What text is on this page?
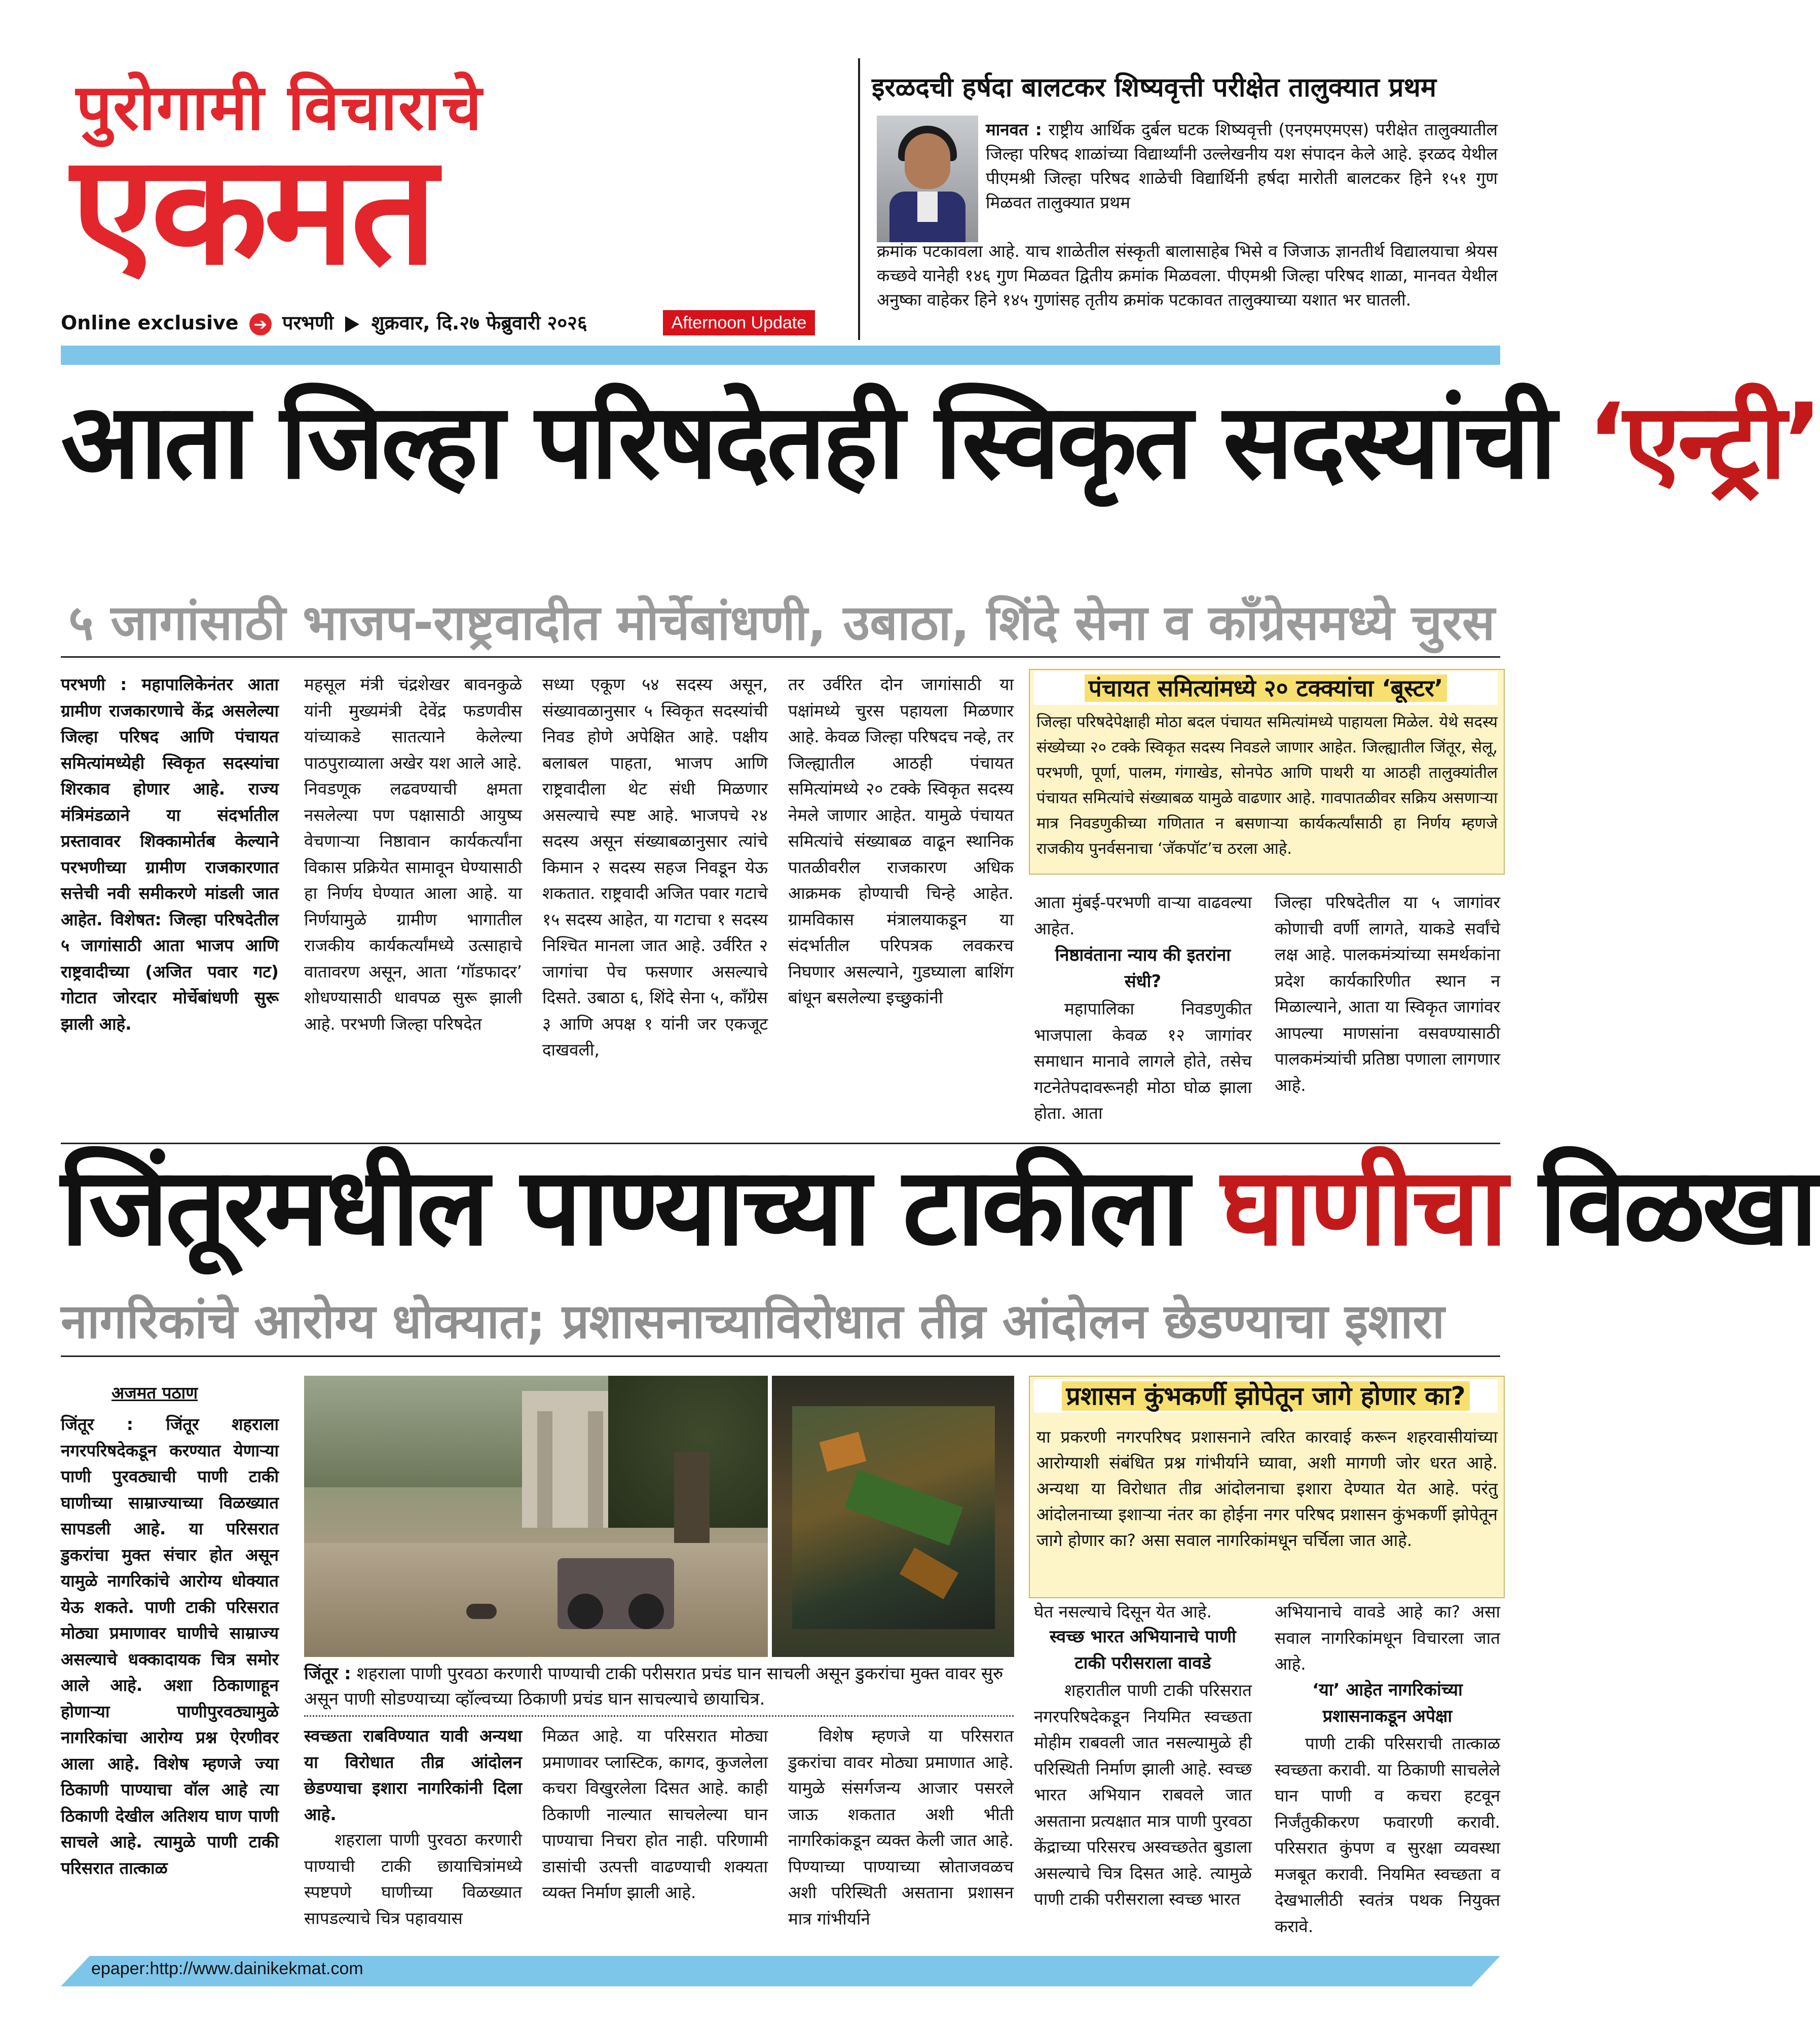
पुरोगामी विचाराचे
एकमत
Online exclusive ➔ परभणी शुक्रवार, दि.२७ फेब्रुवारी २०२६	Afternoon Update
इरळदची हर्षदा बालटकर शिष्यवृत्ती परीक्षेत तालुक्यात प्रथम
मानवत : राष्ट्रीय आर्थिक दुर्बल घटक शिष्यवृत्ती (एनएमएमएस) परीक्षेत तालुक्यातील जिल्हा परिषद शाळांच्या विद्यार्थ्यांनी उल्लेखनीय यश संपादन केले आहे. इरळद येथील पीएमश्री जिल्हा परिषद शाळेची विद्यार्थिनी हर्षदा मारोती बालटकर हिने १५१ गुण मिळवत तालुक्यात प्रथम
क्रमांक पटकावला आहे. याच शाळेतील संस्कृती बालासाहेब भिसे व जिजाऊ ज्ञानतीर्थ विद्यालयाचा श्रेयस कच्छवे यानेही १४६ गुण मिळवत द्वितीय क्रमांक मिळवला. पीएमश्री जिल्हा परिषद शाळा, मानवत येथील अनुष्का वाहेकर हिने १४५ गुणांसह तृतीय क्रमांक पटकावत तालुक्याच्या यशात भर घातली.
आता जिल्हा परिषदेतही स्विकृत सदस्यांची ‘एन्ट्री’
५ जागांसाठी भाजप-राष्ट्रवादीत मोर्चेबांधणी, उबाठा, शिंदे सेना व काँग्रेसमध्ये चुरस
परभणी : महापालिकेनंतर आता ग्रामीण राजकारणाचे केंद्र असलेल्या जिल्हा परिषद आणि पंचायत समित्यांमध्येही स्विकृत सदस्यांचा शिरकाव होणार आहे. राज्य मंत्रिमंडळाने या संदर्भातील प्रस्तावावर शिक्कामोर्तब केल्याने परभणीच्या ग्रामीण राजकारणात सत्तेची नवी समीकरणे मांडली जात आहेत. विशेषत: जिल्हा परिषदेतील ५ जागांसाठी आता भाजप आणि राष्ट्रवादीच्या (अजित पवार गट) गोटात जोरदार मोर्चेबांधणी सुरू झाली आहे.
महसूल मंत्री चंद्रशेखर बावनकुळे यांनी मुख्यमंत्री देवेंद्र फडणवीस यांच्याकडे सातत्याने केलेल्या पाठपुराव्याला अखेर यश आले आहे. निवडणूक लढवण्याची क्षमता नसलेल्या पण पक्षासाठी आयुष्य वेचणाऱ्या निष्ठावान कार्यकर्त्यांना विकास प्रक्रियेत सामावून घेण्यासाठी हा निर्णय घेण्यात आला आहे. या निर्णयामुळे ग्रामीण भागातील राजकीय कार्यकर्त्यांमध्ये उत्साहाचे वातावरण असून, आता ‘गॉडफादर’ शोधण्यासाठी धावपळ सुरू झाली आहे. परभणी जिल्हा परिषदेत
सध्या एकूण ५४ सदस्य असून, संख्यावळानुसार ५ स्विकृत सदस्यांची निवड होणे अपेक्षित आहे. पक्षीय बलाबल पाहता, भाजप आणि राष्ट्रवादीला थेट संधी मिळणार असल्याचे स्पष्ट आहे. भाजपचे २४ सदस्य असून संख्याबळानुसार त्यांचे किमान २ सदस्य सहज निवडून येऊ शकतात. राष्ट्रवादी अजित पवार गटाचे १५ सदस्य आहेत, या गटाचा १ सदस्य निश्चित मानला जात आहे. उर्वरित २ जागांचा पेच फसणार असल्याचे दिसते. उबाठा ६, शिंदे सेना ५, काँग्रेस ३ आणि अपक्ष १ यांनी जर एकजूट दाखवली,
तर उर्वरित दोन जागांसाठी या पक्षांमध्ये चुरस पहायला मिळणार आहे. केवळ जिल्हा परिषदच नव्हे, तर जिल्ह्यातील आठही पंचायत समित्यांमध्ये २० टक्के स्विकृत सदस्य नेमले जाणार आहेत. यामुळे पंचायत समित्यांचे संख्याबळ वाढून स्थानिक पातळीवरील राजकारण अधिक आक्रमक होण्याची चिन्हे आहेत. ग्रामविकास मंत्रालयाकडून या संदर्भातील परिपत्रक लवकरच निघणार असल्याने, गुडघ्याला बाशिंग बांधून बसलेल्या इच्छुकांनी
पंचायत समित्यांमध्ये २० टक्क्यांचा ‘बूस्टर’
जिल्हा परिषदेपेक्षाही मोठा बदल पंचायत समित्यांमध्ये पाहायला मिळेल. येथे सदस्य संख्येच्या २० टक्के स्विकृत सदस्य निवडले जाणार आहेत. जिल्ह्यातील जिंतूर, सेलू, परभणी, पूर्णा, पालम, गंगाखेड, सोनपेठ आणि पाथरी या आठही तालुक्यांतील पंचायत समित्यांचे संख्याबळ यामुळे वाढणार आहे. गावपातळीवर सक्रिय असणाऱ्या मात्र निवडणुकीच्या गणितात न बसणाऱ्या कार्यकर्त्यांसाठी हा निर्णय म्हणजे राजकीय पुनर्वसनाचा ‘जॅकपॉट’च ठरला आहे.
आता मुंबई-परभणी वाऱ्या वाढवल्या आहेत.
निष्ठावंताना न्याय की इतरांना संधी?
महापालिका निवडणुकीत भाजपाला केवळ १२ जागांवर समाधान मानावे लागले होते, तसेच गटनेतेपदावरूनही मोठा घोळ झाला होता. आता
जिल्हा परिषदेतील या ५ जागांवर कोणाची वर्णी लागते, याकडे सर्वांचे लक्ष आहे. पालकमंत्र्यांच्या समर्थकांना प्रदेश कार्यकारिणीत स्थान न मिळाल्याने, आता या स्विकृत जागांवर आपल्या माणसांना वसवण्यासाठी पालकमंत्र्यांची प्रतिष्ठा पणाला लागणार आहे.
जिंतूरमधील पाण्याच्या टाकीला घाणीचा विळखा
नागरिकांचे आरोग्य धोक्यात; प्रशासनाच्याविरोधात तीव्र आंदोलन छेडण्याचा इशारा
अजमत पठाण
जिंतूर : जिंतूर शहराला नगरपरिषदेकडून करण्यात येणाऱ्या पाणी पुरवठ्याची पाणी टाकी घाणीच्या साम्राज्याच्या विळख्यात सापडली आहे. या परिसरात डुकरांचा मुक्त संचार होत असून यामुळे नागरिकांचे आरोग्य धोक्यात येऊ शकते. पाणी टाकी परिसरात मोठ्या प्रमाणावर घाणीचे साम्राज्य असल्याचे धक्कादायक चित्र समोर आले आहे. अशा ठिकाणाहून होणाऱ्या पाणीपुरवठ्यामुळे नागरिकांचा आरोग्य प्रश्न ऐरणीवर आला आहे. विशेष म्हणजे ज्या ठिकाणी पाण्याचा वॉल आहे त्या ठिकाणी देखील अतिशय घाण पाणी साचले आहे. त्यामुळे पाणी टाकी परिसरात तात्काळ
जिंतूर : शहराला पाणी पुरवठा करणारी पाण्याची टाकी परीसरात प्रचंड घान साचली असून डुकरांचा मुक्त वावर सुरु असून पाणी सोडण्याच्या व्हॉल्वच्या ठिकाणी प्रचंड घान साचल्याचे छायाचित्र.
स्वच्छता राबविण्यात यावी अन्यथा या विरोधात तीव्र आंदोलन छेडण्याचा इशारा नागरिकांनी दिला आहे.
शहराला पाणी पुरवठा करणारी पाण्याची टाकी छायाचित्रांमध्ये स्पष्टपणे घाणीच्या विळख्यात सापडल्याचे चित्र पहावयास
मिळत आहे. या परिसरात मोठ्या प्रमाणावर प्लास्टिक, कागद, कुजलेला कचरा विखुरलेला दिसत आहे. काही ठिकाणी नाल्यात साचलेल्या घान पाण्याचा निचरा होत नाही. परिणामी डासांची उत्पत्ती वाढण्याची शक्यता व्यक्त निर्माण झाली आहे.
विशेष म्हणजे या परिसरात डुकरांचा वावर मोठ्या प्रमाणात आहे. यामुळे संसर्गजन्य आजार पसरले जाऊ शकतात अशी भीती नागरिकांकडून व्यक्त केली जात आहे. पिण्याच्या पाण्याच्या स्रोताजवळच अशी परिस्थिती असताना प्रशासन मात्र गांभीर्याने
प्रशासन कुंभकर्णी झोपेतून जागे होणार का?
या प्रकरणी नगरपरिषद प्रशासनाने त्वरित कारवाई करून शहरवासीयांच्या आरोग्याशी संबंधित प्रश्न गांभीर्याने घ्यावा, अशी मागणी जोर धरत आहे. अन्यथा या विरोधात तीव्र आंदोलनाचा इशारा देण्यात येत आहे. परंतु आंदोलनाच्या इशाऱ्या नंतर का होईना नगर परिषद प्रशासन कुंभकर्णी झोपेतून जागे होणार का? असा सवाल नागरिकांमधून चर्चिला जात आहे.
घेत नसल्याचे दिसून येत आहे.
स्वच्छ भारत अभियानाचे पाणी टाकी परीसराला वावडे
शहरातील पाणी टाकी परिसरात नगरपरिषदेकडून नियमित स्वच्छता मोहीम राबवली जात नसल्यामुळे ही परिस्थिती निर्माण झाली आहे. स्वच्छ भारत अभियान राबवले जात असताना प्रत्यक्षात मात्र पाणी पुरवठा केंद्राच्या परिसरच अस्वच्छतेत बुडाला असल्याचे चित्र दिसत आहे. त्यामुळे पाणी टाकी परीसराला स्वच्छ भारत
अभियानाचे वावडे आहे का? असा सवाल नागरिकांमधून विचारला जात आहे.
‘या’ आहेत नागरिकांच्या प्रशासनाकडून अपेक्षा
पाणी टाकी परिसराची तात्काळ स्वच्छता करावी. या ठिकाणी साचलेले घान पाणी व कचरा हटवून निर्जंतुकीकरण फवारणी करावी. परिसरात कुंपण व सुरक्षा व्यवस्था मजबूत करावी. नियमित स्वच्छता व देखभालीठी स्वतंत्र पथक नियुक्त करावे.
epaper:http://www.dainikekmat.com
